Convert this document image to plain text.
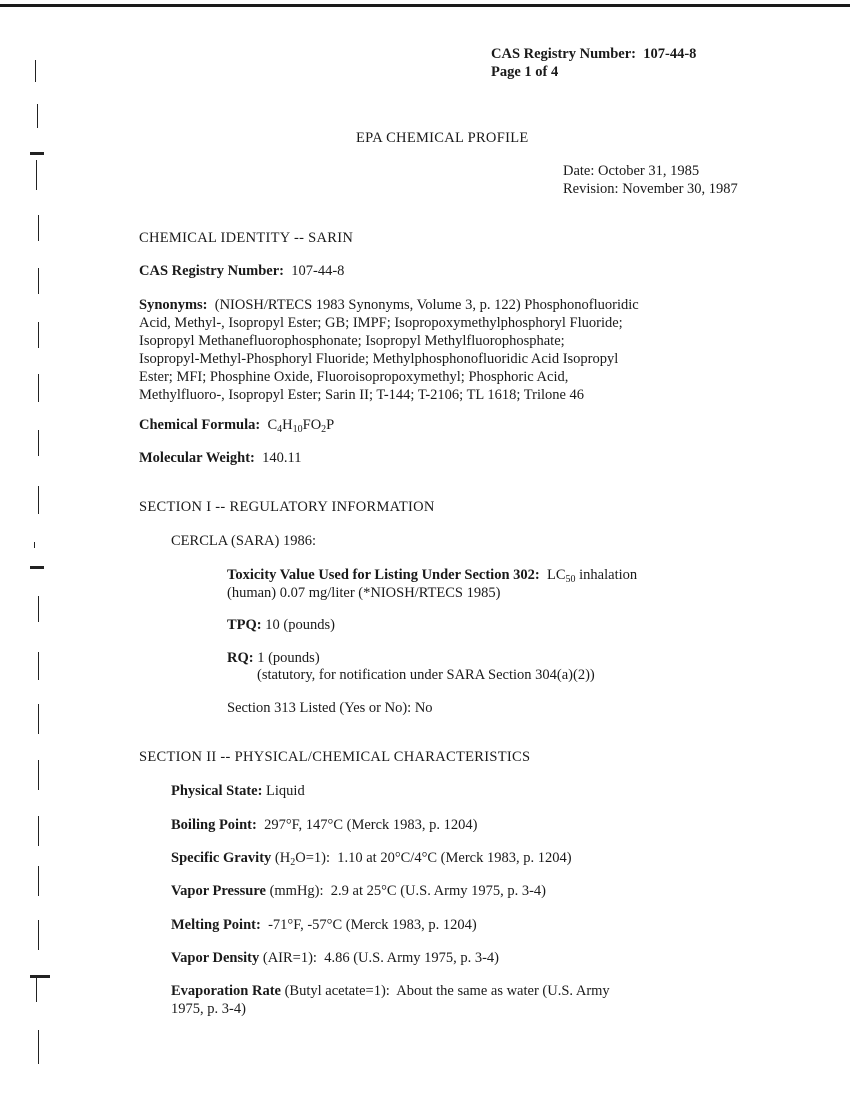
CAS Registry Number: 107-44-8
Page 1 of 4
EPA CHEMICAL PROFILE
Date: October 31, 1985
Revision: November 30, 1987
CHEMICAL IDENTITY -- SARIN
CAS Registry Number: 107-44-8
Synonyms: (NIOSH/RTECS 1983 Synonyms, Volume 3, p. 122) Phosphonofluoridic
Acid, Methyl-, Isopropyl Ester; GB; IMPF; Isopropoxymethylphosphoryl Fluoride;
Isopropyl Methanefluorophosphonate; Isopropyl Methylfluorophosphate;
Isopropyl-Methyl-Phosphoryl Fluoride; Methylphosphonofluoridic Acid Isopropyl
Ester; MFI; Phosphine Oxide, Fluoroisopropoxymethyl; Phosphoric Acid,
Methylfluoro-, Isopropyl Ester; Sarin II; T-144; T-2106; TL 1618; Trilone 46
Chemical Formula: $C_4H_{10}FO_2P$
Molecular Weight: 140.11
SECTION I -- REGULATORY INFORMATION
CERCLA (SARA) 1986:
Toxicity Value Used for Listing Under Section 302: $LC_{50}$ inhalation
(human) 0.07 mg/liter (*NIOSH/RTECS 1985)
TPQ: 10 (pounds)
RQ: 1 (pounds)
(statutory, for notification under SARA Section 304(a)(2))
Section 313 Listed (Yes or No): No
SECTION II -- PHYSICAL/CHEMICAL CHARACTERISTICS
Physical State: Liquid
Boiling Point: 297°F, 147°C (Merck 1983, p. 1204)
Specific Gravity $(H_2O=1)$: 1.10 at 20°C/4°C (Merck 1983, p. 1204)
Vapor Pressure (mmHg): 2.9 at 25°C (U.S. Army 1975, p. 3-4)
Melting Point: -71°F, -57°C (Merck 1983, p. 1204)
Vapor Density (AIR=1): 4.86 (U.S. Army 1975, p. 3-4)
Evaporation Rate (Butyl acetate=1): About the same as water (U.S. Army
1975, p. 3-4)
